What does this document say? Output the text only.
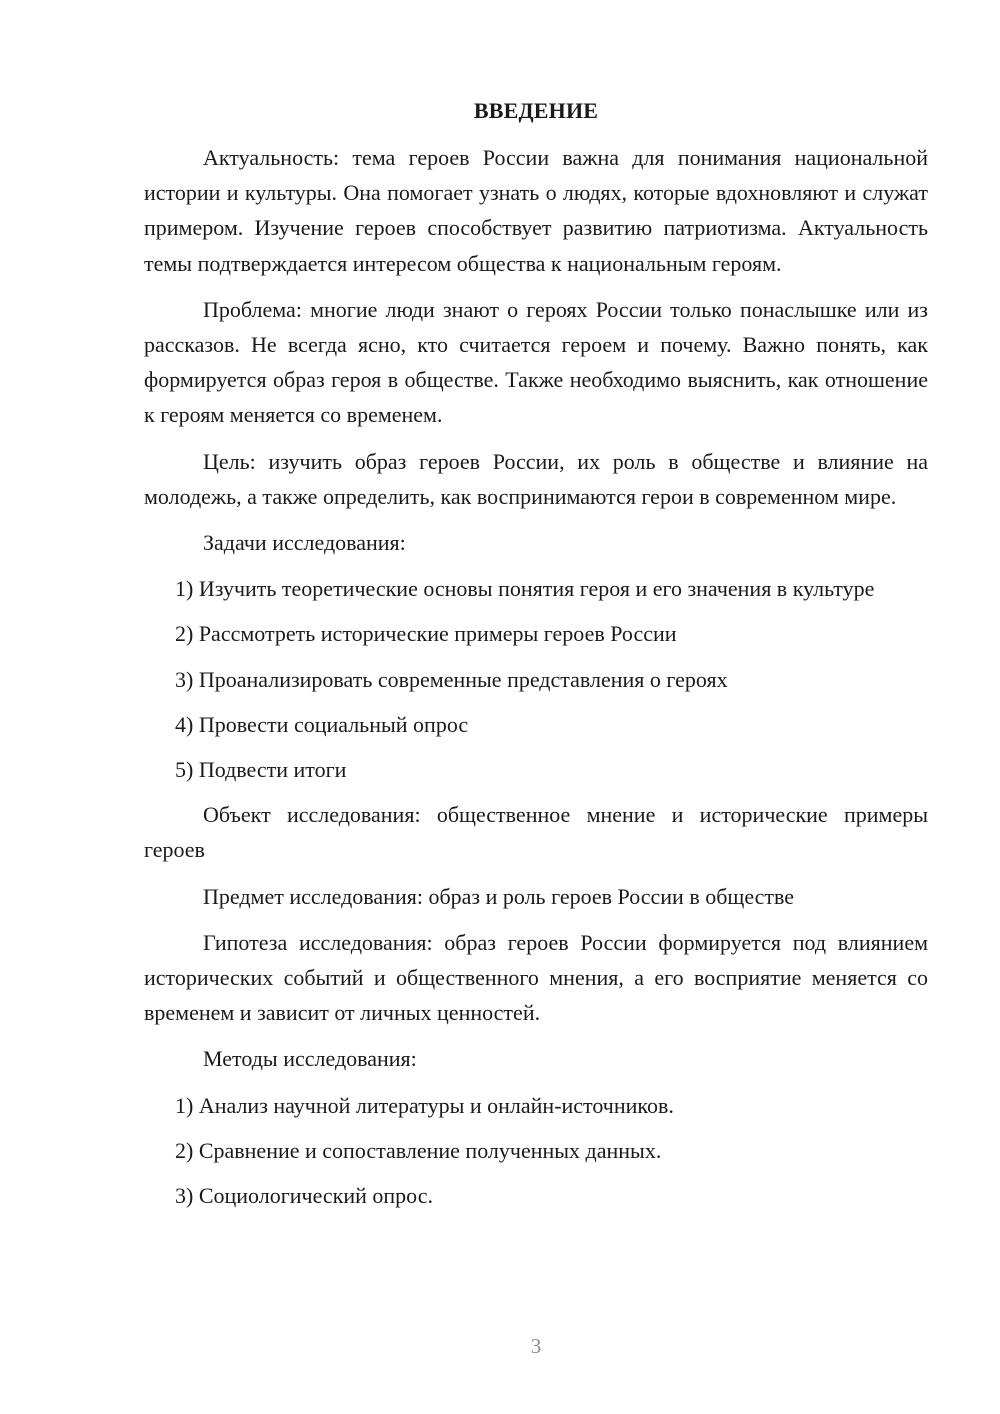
ВВЕДЕНИЕ

Актуальность: тема героев России важна для понимания национальной истории и культуры. Она помогает узнать о людях, которые вдохновляют и служат примером. Изучение героев способствует развитию патриотизма. Актуальность темы подтверждается интересом общества к национальным героям.

Проблема: многие люди знают о героях России только понаслышке или из рассказов. Не всегда ясно, кто считается героем и почему. Важно понять, как формируется образ героя в обществе. Также необходимо выяснить, как отношение к героям меняется со временем.

Цель: изучить образ героев России, их роль в обществе и влияние на молодежь, а также определить, как воспринимаются герои в современном мире.

Задачи исследования:

1) Изучить теоретические основы понятия героя и его значения в культуре

2) Рассмотреть исторические примеры героев России

3) Проанализировать современные представления о героях

4) Провести социальный опрос

5) Подвести итоги

Объект исследования: общественное мнение и исторические примеры героев

Предмет исследования: образ и роль героев России в обществе

Гипотеза исследования: образ героев России формируется под влиянием исторических событий и общественного мнения, а его восприятие меняется со временем и зависит от личных ценностей.

Методы исследования:

1) Анализ научной литературы и онлайн-источников.

2) Сравнение и сопоставление полученных данных.

3) Социологический опрос.

3
